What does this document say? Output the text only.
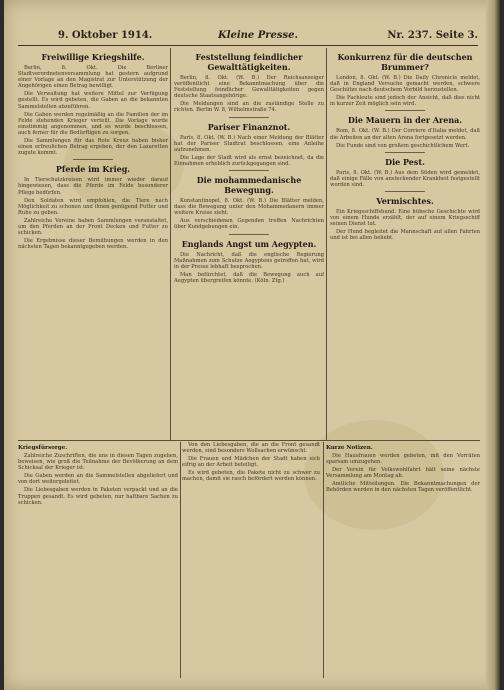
9. Oktober 1914.	Kleine Presse.	Nr. 237. Seite 3.
Freiwillige Kriegshilfe.

Berlin, 8. Okt. Die Berliner Stadtverordnetenversammlung hat gestern aufgrund einer Vorlage an den Magistrat zur Unterstützung der Angehörigen einen Betrag bewilligt.

Die Verwaltung hat weitere Mittel zur Verfügung gestellt. Es wird gebeten, die Gaben an die bekannten Sammelstellen abzuführen.

Die Gaben werden regelmäßig an die Familien der im Felde stehenden Krieger verteilt. Die Vorlage wurde einstimmig angenommen, und es wurde beschlossen, auch ferner für die Bedürftigen zu sorgen.

Die Sammlungen für das Rote Kreuz haben bisher einen erfreulichen Betrag ergeben, der den Lazaretten zugute kommt.

Pferde im Krieg.

In Tierschutzkreisen wird immer wieder darauf hingewiesen, dass die Pferde im Felde besonderer Pflege bedürfen.

Den Soldaten wird empfohlen, die Tiere nach Möglichkeit zu schonen und ihnen genügend Futter und Ruhe zu geben.

Zahlreiche Vereine haben Sammlungen veranstaltet, um den Pferden an der Front Decken und Futter zu schicken.

Die Ergebnisse dieser Bemühungen werden in den nächsten Tagen bekanntgegeben werden.

Feststellung feindlicher Gewalttätigkeiten.

Berlin, 8. Okt. (W. B.) Der Reichsanzeiger veröffentlicht eine Bekanntmachung über die Feststellung feindlicher Gewalttätigkeiten gegen deutsche Staatsangehörige.

Die Meldungen sind an die zuständige Stelle zu richten. Berlin W. 8, Wilhelmstraße 74.

Pariser Finanznot.

Paris, 8. Okt. (W. B.) Nach einer Meldung der Blätter hat der Pariser Stadtrat beschlossen, eine Anleihe aufzunehmen.

Die Lage der Stadt wird als ernst bezeichnet, da die Einnahmen erheblich zurückgegangen sind.

Die mohammedanische Bewegung.

Konstantinopel, 8. Okt. (W. B.) Die Blätter melden, dass die Bewegung unter den Mohammedanern immer weitere Kreise zieht.

Aus verschiedenen Gegenden treffen Nachrichten über Kundgebungen ein.

Englands Angst um Aegypten.

Die Nachricht, daß die englische Regierung Maßnahmen zum Schutze Aegyptens getroffen hat, wird in der Presse lebhaft besprochen.

Man befürchtet, daß die Bewegung auch auf Aegypten übergreifen könnte. (Köln. Ztg.)

Konkurrenz für die deutschen Brummer?

London, 8. Okt. (W. B.) Die Daily Chronicle meldet, daß in England Versuche gemacht werden, schwere Geschütze nach deutschem Vorbild herzustellen.

Die Fachleute sind jedoch der Ansicht, daß dies nicht in kurzer Zeit möglich sein wird.

Die Mauern in der Arena.

Rom, 8. Okt. (W. B.) Der Corriere d'Italia meldet, daß die Arbeiten an der alten Arena fortgesetzt werden.

Die Funde sind von großem geschichtlichem Wert.

Die Pest.

Paris, 8. Okt. (W. B.) Aus dem Süden wird gemeldet, daß einige Fälle von ansteckender Krankheit festgestellt worden sind.

Vermischtes.

Ein Kriegsschiffshund. Eine hübsche Geschichte wird von einem Hunde erzählt, der auf einem Kriegsschiff seinen Dienst tut.

Der Hund begleitet die Mannschaft auf allen Fahrten und ist bei allen beliebt.

Kriegsfürsorge.

Zahlreiche Zuschriften, die uns in diesen Tagen zugehen, beweisen, wie groß die Teilnahme der Bevölkerung an dem Schicksal der Krieger ist.

Die Gaben werden an die Sammelstellen abgeliefert und von dort weitergeleitet.

Die Liebesgaben werden in Paketen verpackt und an die Truppen gesandt. Es wird gebeten, nur haltbare Sachen zu schicken.

Von den Liebesgaben, die an die Front gesandt werden, sind besonders Wollsachen erwünscht.

Die Frauen und Mädchen der Stadt haben sich eifrig an der Arbeit beteiligt.

Es wird gebeten, die Pakete nicht zu schwer zu machen, damit sie rasch befördert werden können.

Kurze Notizen.

Die Hausfrauen werden gebeten, mit den Vorräten sparsam umzugehen.

Der Verein für Volkswohlfahrt hält seine nächste Versammlung am Montag ab.

Amtliche Mitteilungen. Die Bekanntmachungen der Behörden werden in den nächsten Tagen veröffentlicht.
